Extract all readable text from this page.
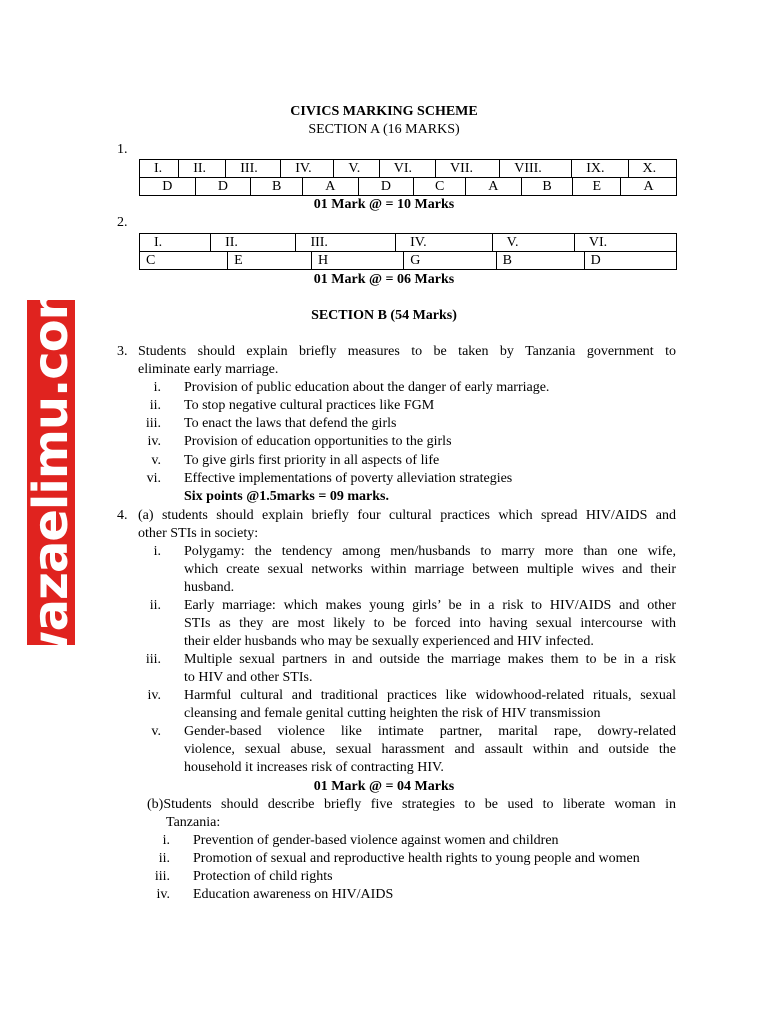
wazaelimu.com
CIVICS MARKING SCHEME
SECTION A (16 MARKS)
1.
I.	II.	III.	IV.	V.	VI.	VII.	VIII.	IX.	X.
D	D	B	A	D	C	A	B	E	A
01 Mark @ = 10 Marks
2.
I.	II.	III.	IV.	V.	VI.
C	E	H	G	B	D
01 Mark @ = 06 Marks
SECTION B (54 Marks)
3. Students should explain briefly measures to be taken by Tanzania government to
eliminate early marriage.
i. Provision of public education about the danger of early marriage.
ii. To stop negative cultural practices like FGM
iii. To enact the laws that defend the girls
iv. Provision of education opportunities to the girls
v. To give girls first priority in all aspects of life
vi. Effective implementations of poverty alleviation strategies
Six points @1.5marks = 09 marks.
4. (a) students should explain briefly four cultural practices which spread HIV/AIDS and
other STIs in society:
i. Polygamy: the tendency among men/husbands to marry more than one wife,
which create sexual networks within marriage between multiple wives and their
husband.
ii. Early marriage: which makes young girls’ be in a risk to HIV/AIDS and other
STIs as they are most likely to be forced into having sexual intercourse with
their elder husbands who may be sexually experienced and HIV infected.
iii. Multiple sexual partners in and outside the marriage makes them to be in a risk
to HIV and other STIs.
iv. Harmful cultural and traditional practices like widowhood-related rituals, sexual
cleansing and female genital cutting heighten the risk of HIV transmission
v. Gender-based violence like intimate partner, marital rape, dowry-related
violence, sexual abuse, sexual harassment and assault within and outside the
household it increases risk of contracting HIV.
01 Mark @ = 04 Marks
(b)Students should describe briefly five strategies to be used to liberate woman in
Tanzania:
i. Prevention of gender-based violence against women and children
ii. Promotion of sexual and reproductive health rights to young people and women
iii. Protection of child rights
iv. Education awareness on HIV/AIDS
